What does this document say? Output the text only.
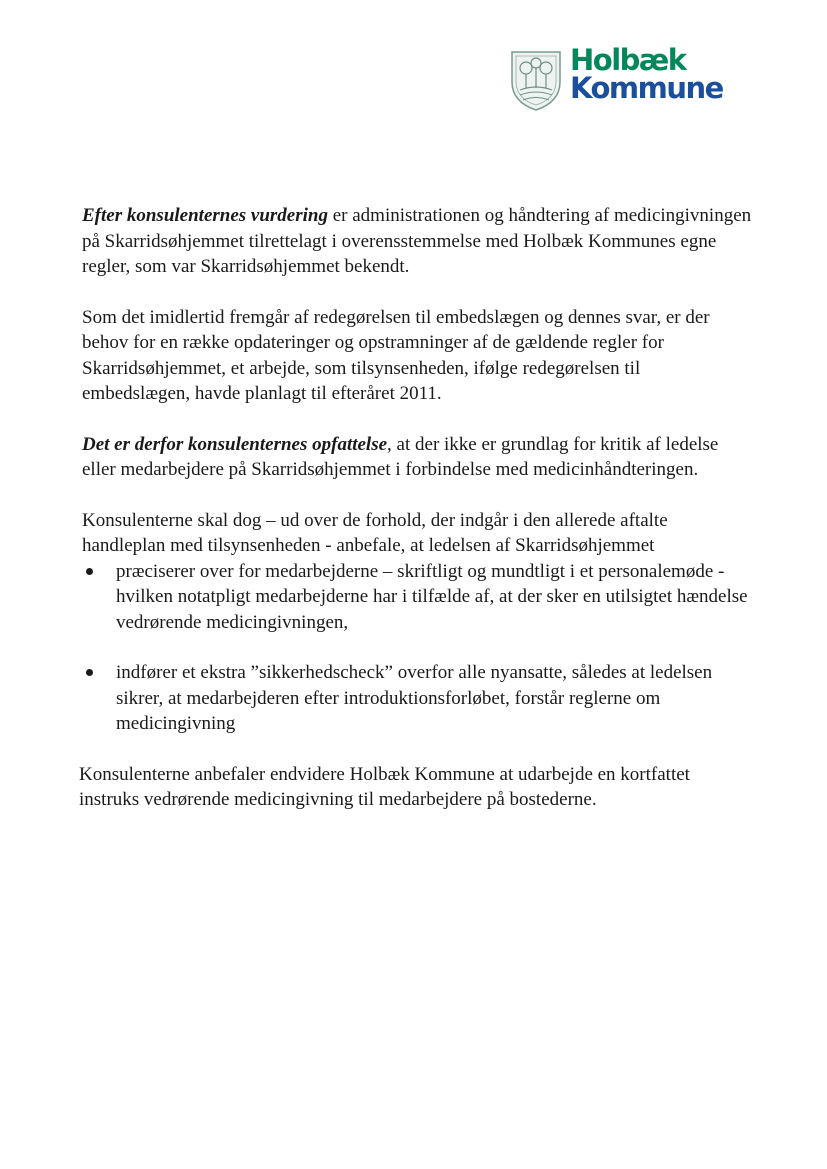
Holbæk
Kommune

Efter konsulenternes vurdering er administrationen og håndtering af medicingivningen på Skarridsøhjemmet tilrettelagt i overensstemmelse med Holbæk Kommunes egne regler, som var Skarridsøhjemmet bekendt.

Som det imidlertid fremgår af redegørelsen til embedslægen og dennes svar, er der behov for en række opdateringer og opstramninger af de gældende regler for Skarridsøhjemmet, et arbejde, som tilsynsenheden, ifølge redegørelsen til embedslægen, havde planlagt til efteråret 2011.

Det er derfor konsulenternes opfattelse, at der ikke er grundlag for kritik af ledelse eller medarbejdere på Skarridsøhjemmet i forbindelse med medicinhåndteringen.

Konsulenterne skal dog – ud over de forhold, der indgår i den allerede aftalte handleplan med tilsynsenheden - anbefale, at ledelsen af Skarridsøhjemmet

præciserer over for medarbejderne – skriftligt og mundtligt i et personalemøde - hvilken notatpligt medarbejderne har i tilfælde af, at der sker en utilsigtet hændelse vedrørende medicingivningen,
indfører et ekstra ”sikkerhedscheck” overfor alle nyansatte, således at ledelsen sikrer, at medarbejderen efter introduktionsforløbet, forstår reglerne om medicingivning

Konsulenterne anbefaler endvidere Holbæk Kommune at udarbejde en kortfattet instruks vedrørende medicingivning til medarbejdere på bostederne.
